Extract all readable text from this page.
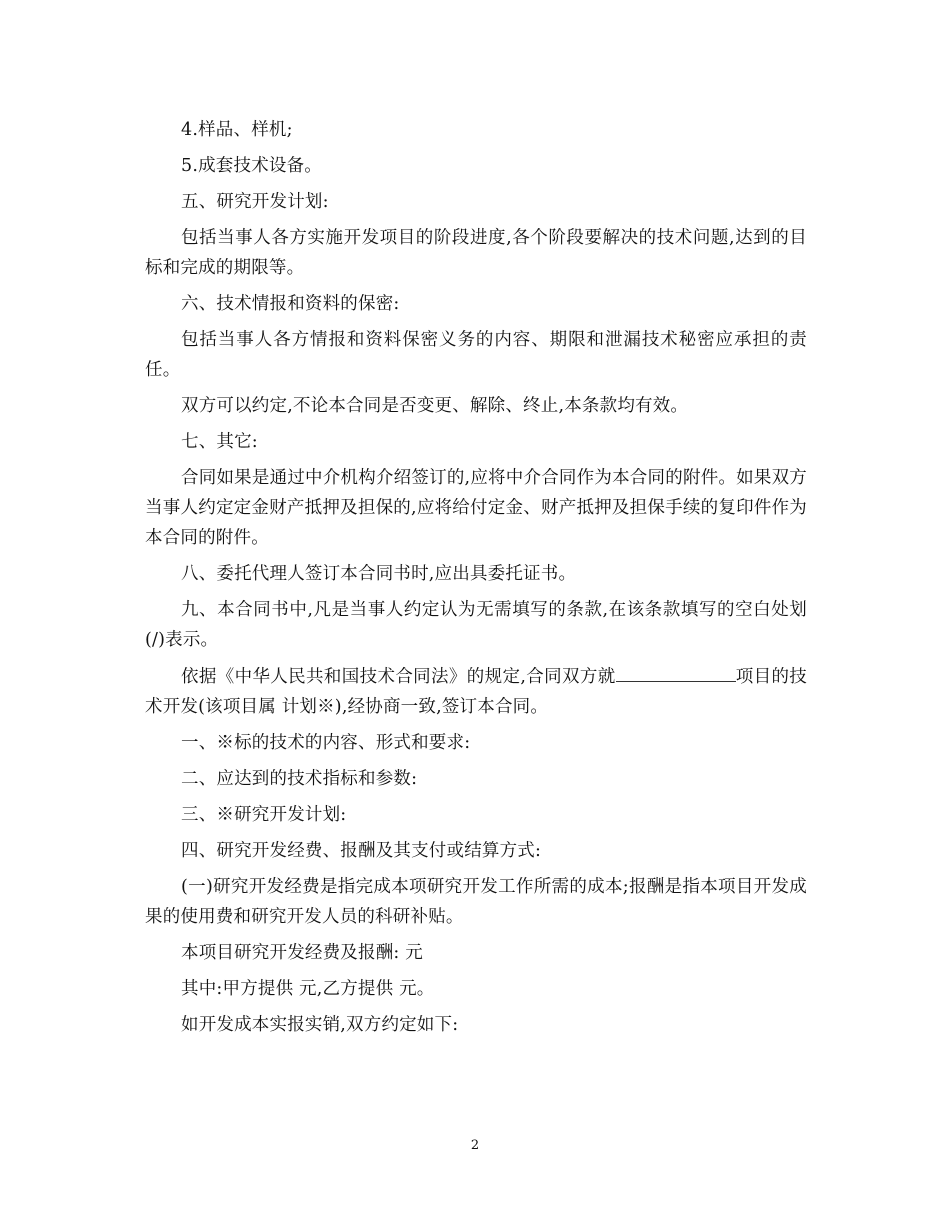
4.样品、样机;

5.成套技术设备。

五、研究开发计划:

包括当事人各方实施开发项目的阶段进度,各个阶段要解决的技术问题,达到的目标和完成的期限等。

六、技术情报和资料的保密:

包括当事人各方情报和资料保密义务的内容、期限和泄漏技术秘密应承担的责任。

双方可以约定,不论本合同是否变更、解除、终止,本条款均有效。

七、其它:

合同如果是通过中介机构介绍签订的,应将中介合同作为本合同的附件。如果双方当事人约定定金财产抵押及担保的,应将给付定金、财产抵押及担保手续的复印件作为本合同的附件。

八、委托代理人签订本合同书时,应出具委托证书。

九、本合同书中,凡是当事人约定认为无需填写的条款,在该条款填写的空白处划(/)表示。

依据《中华人民共和国技术合同法》的规定,合同双方就	项目的技术开发(该项目属 计划※),经协商一致,签订本合同。

一、※标的技术的内容、形式和要求:

二、应达到的技术指标和参数:

三、※研究开发计划:

四、研究开发经费、报酬及其支付或结算方式:

(一)研究开发经费是指完成本项研究开发工作所需的成本;报酬是指本项目开发成果的使用费和研究开发人员的科研补贴。

本项目研究开发经费及报酬: 元

其中:甲方提供 元,乙方提供 元。

如开发成本实报实销,双方约定如下:

2
